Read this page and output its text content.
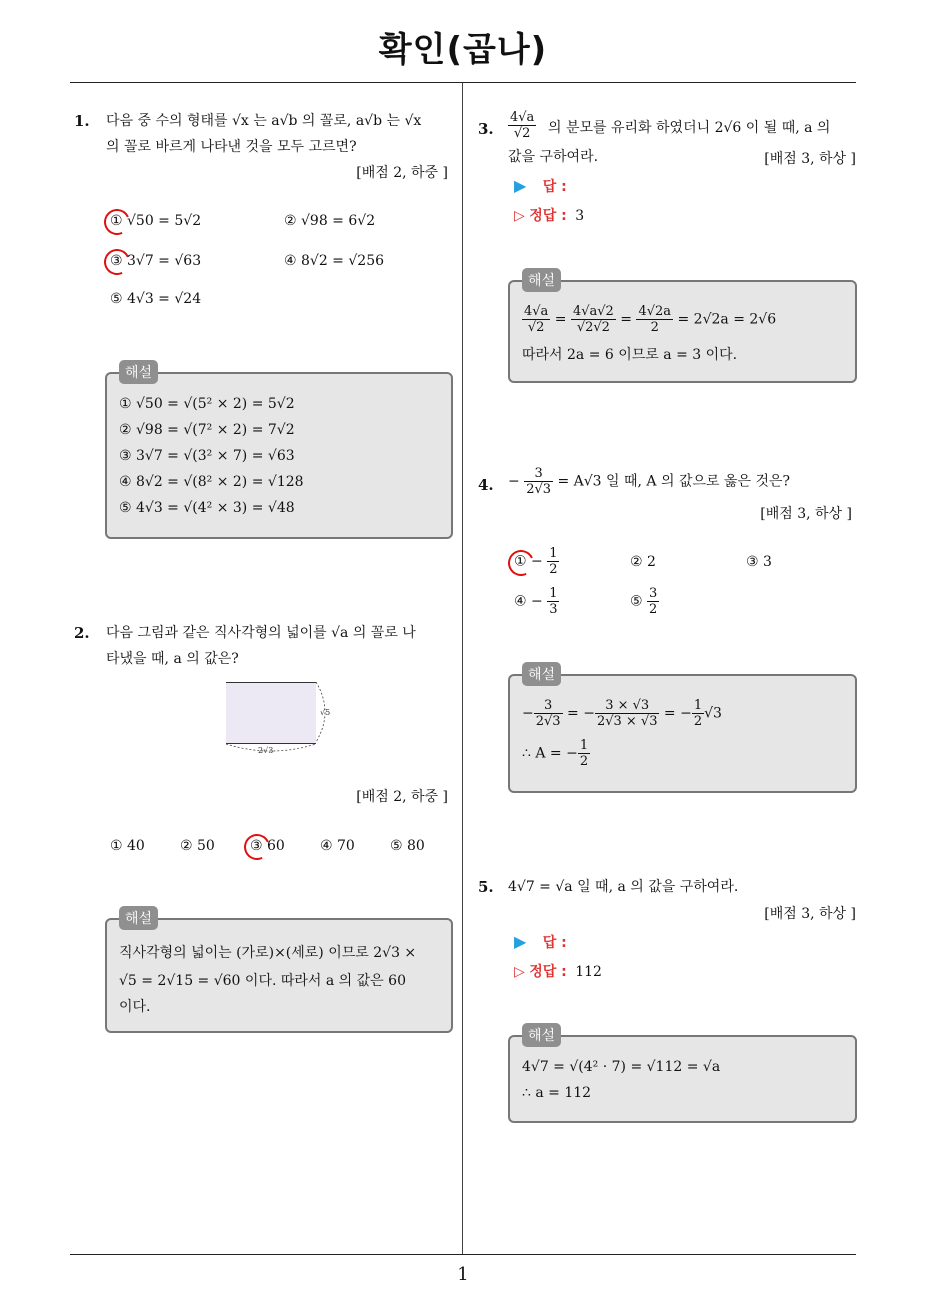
확인(곱나)
1
1. 다음 중 수의 형태를 √x 는 a√b 의 꼴로, a√b 는 √x
의 꼴로 바르게 나타낸 것을 모두 고르면?
[배점 2, 하중 ]
① √50 = 5√2	② √98 = 6√2
③ 3√7 = √63	④ 8√2 = √256
⑤ 4√3 = √24
해설
① √50 = √(5² × 2) = 5√2
② √98 = √(7² × 2) = 7√2
③ 3√7 = √(3² × 7) = √63
④ 8√2 = √(8² × 2) = √128
⑤ 4√3 = √(4² × 3) = √48
2. 다음 그림과 같은 직사각형의 넓이를 √a 의 꼴로 나
타냈을 때, a 의 값은?
√5
2√3
[배점 2, 하중 ]
① 40	② 50	③ 60	④ 70	⑤ 80
해설
직사각형의 넓이는 (가로)×(세로) 이므로 2√3 ×
√5 = 2√15 = √60 이다. 따라서 a 의 값은 60
이다.
3. $\frac{4√a}{√2}$ 의 분모를 유리화 하였더니 2√6 이 될 때, a 의
값을 구하여라.	[배점 3, 하상 ]
▶ 답 :
▷ 정답 : 3
해설
$\frac{4√a}{√2} = \frac{4√a√2}{√2√2} = \frac{4√2a}{2} = 2√2a = 2√6$
따라서 2a = 6 이므로 a = 3 이다.
4. − $\frac{3}{2√3} = A√3$ 일 때, A 의 값으로 옳은 것은?
[배점 3, 하상 ]
① − $\frac{1}{2}$	② 2	③ 3
④ − $\frac{1}{3}$	⑤ $\frac{3}{2}$
해설
− $\frac{3}{2√3}$ = − $\frac{3 \times √3}{2√3 \times √3}$ = − $\frac{1}{2} √3$
∴ A = − $\frac{1}{2}$
5. 4√7 = √a 일 때, a 의 값을 구하여라.
[배점 3, 하상 ]
▶ 답 :
▷ 정답 : 112
해설
4√7 = √(4² · 7) = √112 = √a
∴ a = 112
